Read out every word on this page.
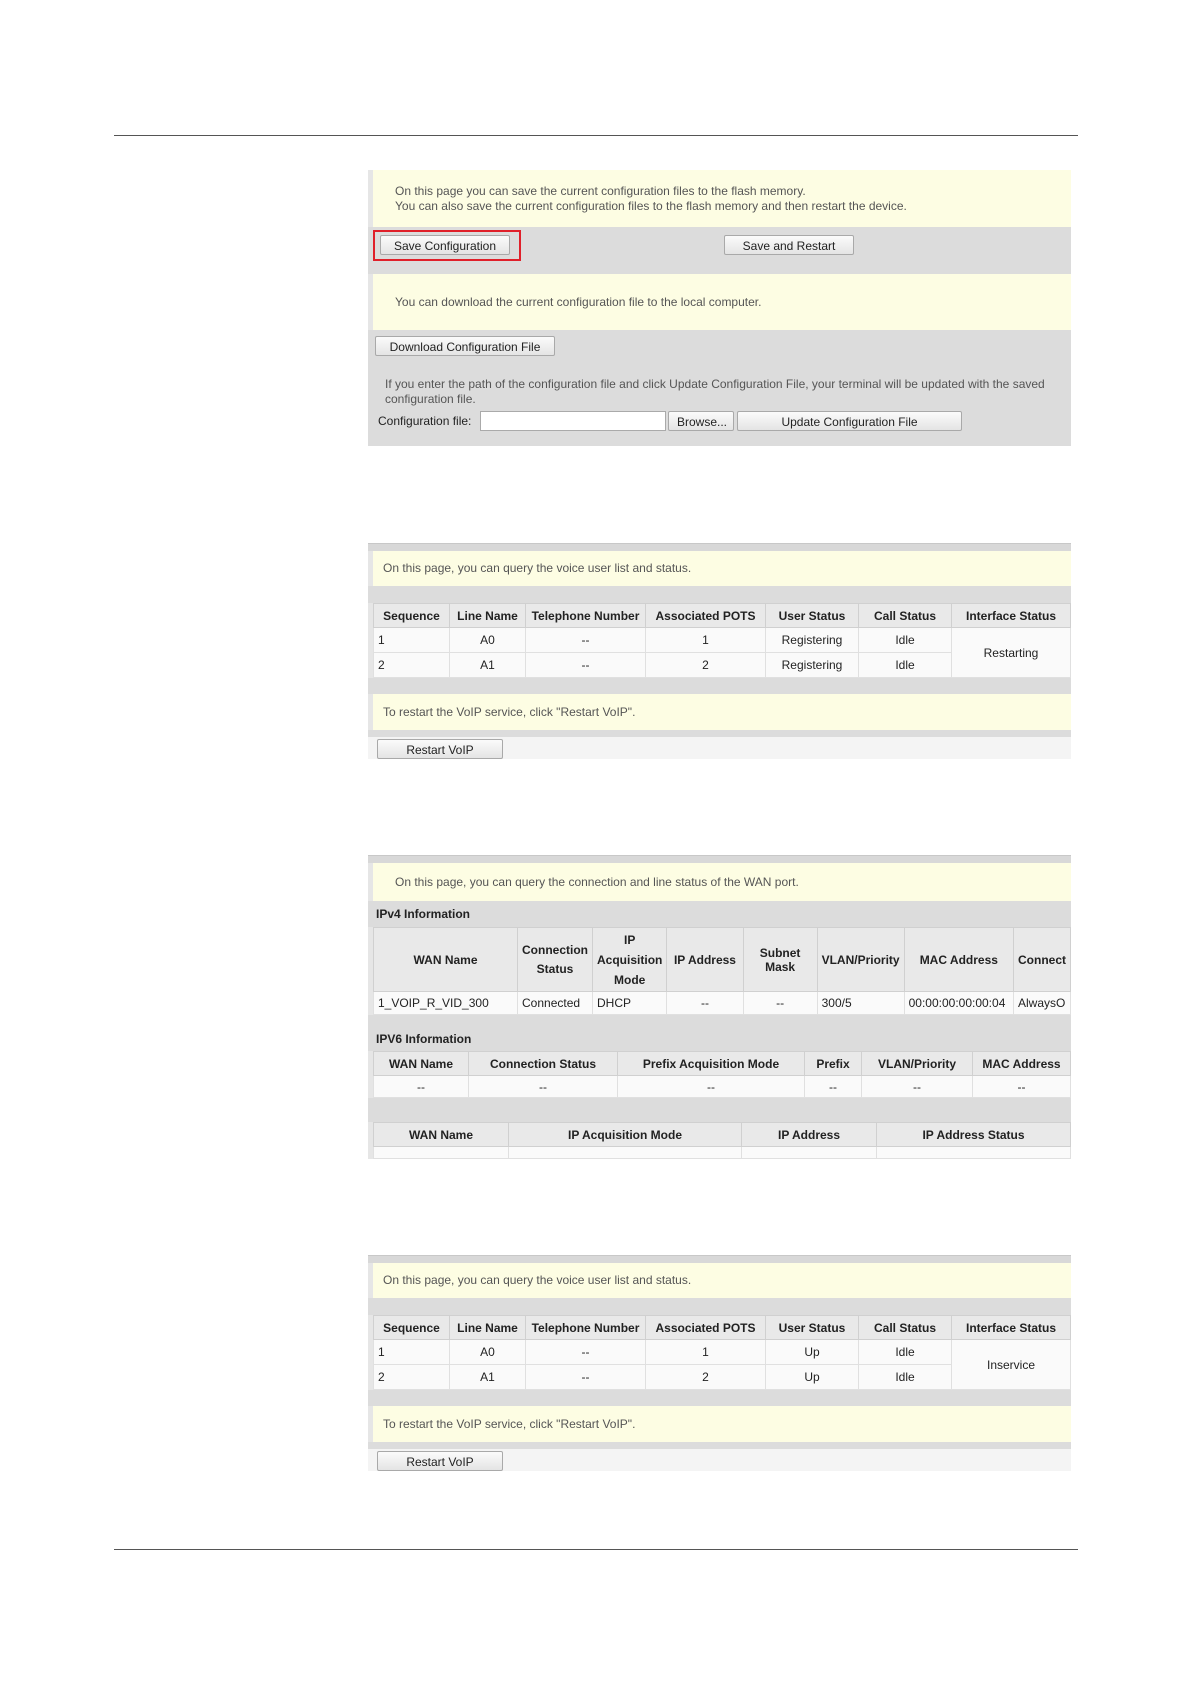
On this page you can save the current configuration files to the flash memory.
You can also save the current configuration files to the flash memory and then restart the device.
Save Configuration	Save and Restart
You can download the current configuration file to the local computer.
Download Configuration File
If you enter the path of the configuration file and click Update Configuration File, your terminal will be updated with the saved configuration file.
Configuration file:	Browse...	Update Configuration File
On this page, you can query the voice user list and status.
Sequence	Line Name	Telephone Number	Associated POTS	User Status	Call Status	Interface Status
1	A0	--	1	Registering	Idle	Restarting
2	A1	--	2	Registering	Idle	
To restart the VoIP service, click "Restart VoIP".
Restart VoIP
On this page, you can query the connection and line status of the WAN port.
IPv4 Information
WAN Name	Connection Status	IP Acquisition Mode	IP Address	Subnet Mask	VLAN/Priority	MAC Address	Connect
1_VOIP_R_VID_300	Connected	DHCP	--	--	300/5	00:00:00:00:00:04	AlwaysO
IPV6 Information
WAN Name	Connection Status	Prefix Acquisition Mode	Prefix	VLAN/Priority	MAC Address
--	--	--	--	--	--
WAN Name	IP Acquisition Mode	IP Address	IP Address Status

On this page, you can query the voice user list and status.
Sequence	Line Name	Telephone Number	Associated POTS	User Status	Call Status	Interface Status
1	A0	--	1	Up	Idle	Inservice
2	A1	--	2	Up	Idle	
To restart the VoIP service, click "Restart VoIP".
Restart VoIP
